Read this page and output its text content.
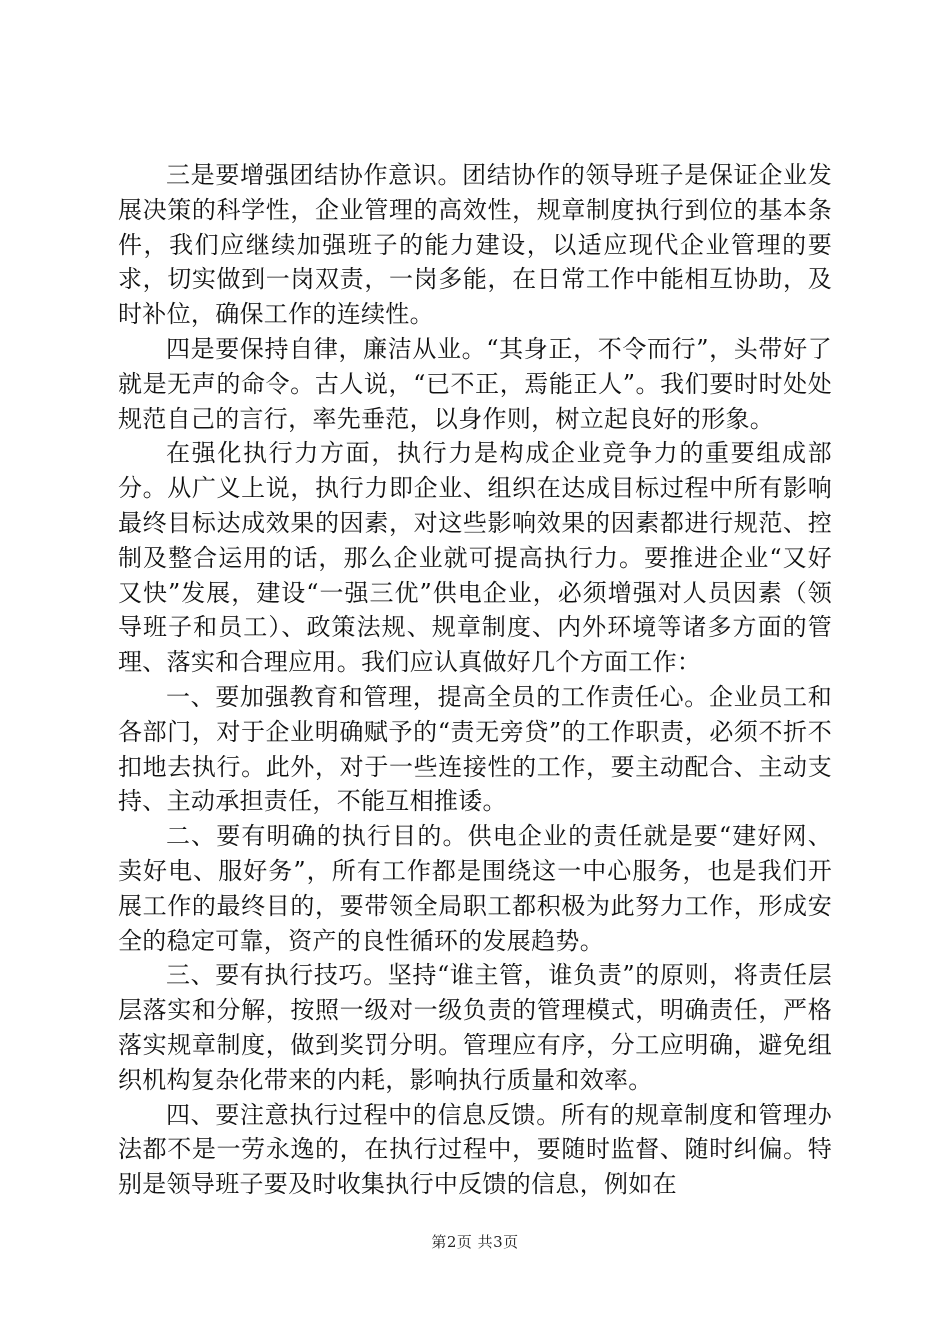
三是要增强团结协作意识。团结协作的领导班子是保证企业发展决策的科学性，企业管理的高效性，规章制度执行到位的基本条件，我们应继续加强班子的能力建设，以适应现代企业管理的要求，切实做到一岗双责，一岗多能，在日常工作中能相互协助，及时补位，确保工作的连续性。

四是要保持自律，廉洁从业。“其身正，不令而行”，头带好了就是无声的命令。古人说，“已不正，焉能正人”。我们要时时处处规范自己的言行，率先垂范，以身作则，树立起良好的形象。

在强化执行力方面，执行力是构成企业竞争力的重要组成部分。从广义上说，执行力即企业、组织在达成目标过程中所有影响最终目标达成效果的因素，对这些影响效果的因素都进行规范、控制及整合运用的话，那么企业就可提高执行力。要推进企业“又好又快”发展，建设“一强三优”供电企业，必须增强对人员因素（领导班子和员工）、政策法规、规章制度、内外环境等诸多方面的管理、落实和合理应用。我们应认真做好几个方面工作：

一、要加强教育和管理，提高全员的工作责任心。企业员工和各部门，对于企业明确赋予的“责无旁贷”的工作职责，必须不折不扣地去执行。此外，对于一些连接性的工作，要主动配合、主动支持、主动承担责任，不能互相推诿。

二、要有明确的执行目的。供电企业的责任就是要“建好网、卖好电、服好务”，所有工作都是围绕这一中心服务，也是我们开展工作的最终目的，要带领全局职工都积极为此努力工作，形成安全的稳定可靠，资产的良性循环的发展趋势。

三、要有执行技巧。坚持“谁主管，谁负责”的原则，将责任层层落实和分解，按照一级对一级负责的管理模式，明确责任，严格落实规章制度，做到奖罚分明。管理应有序，分工应明确，避免组织机构复杂化带来的内耗，影响执行质量和效率。

四、要注意执行过程中的信息反馈。所有的规章制度和管理办法都不是一劳永逸的，在执行过程中，要随时监督、随时纠偏。特别是领导班子要及时收集执行中反馈的信息，例如在

第2页 共3页
